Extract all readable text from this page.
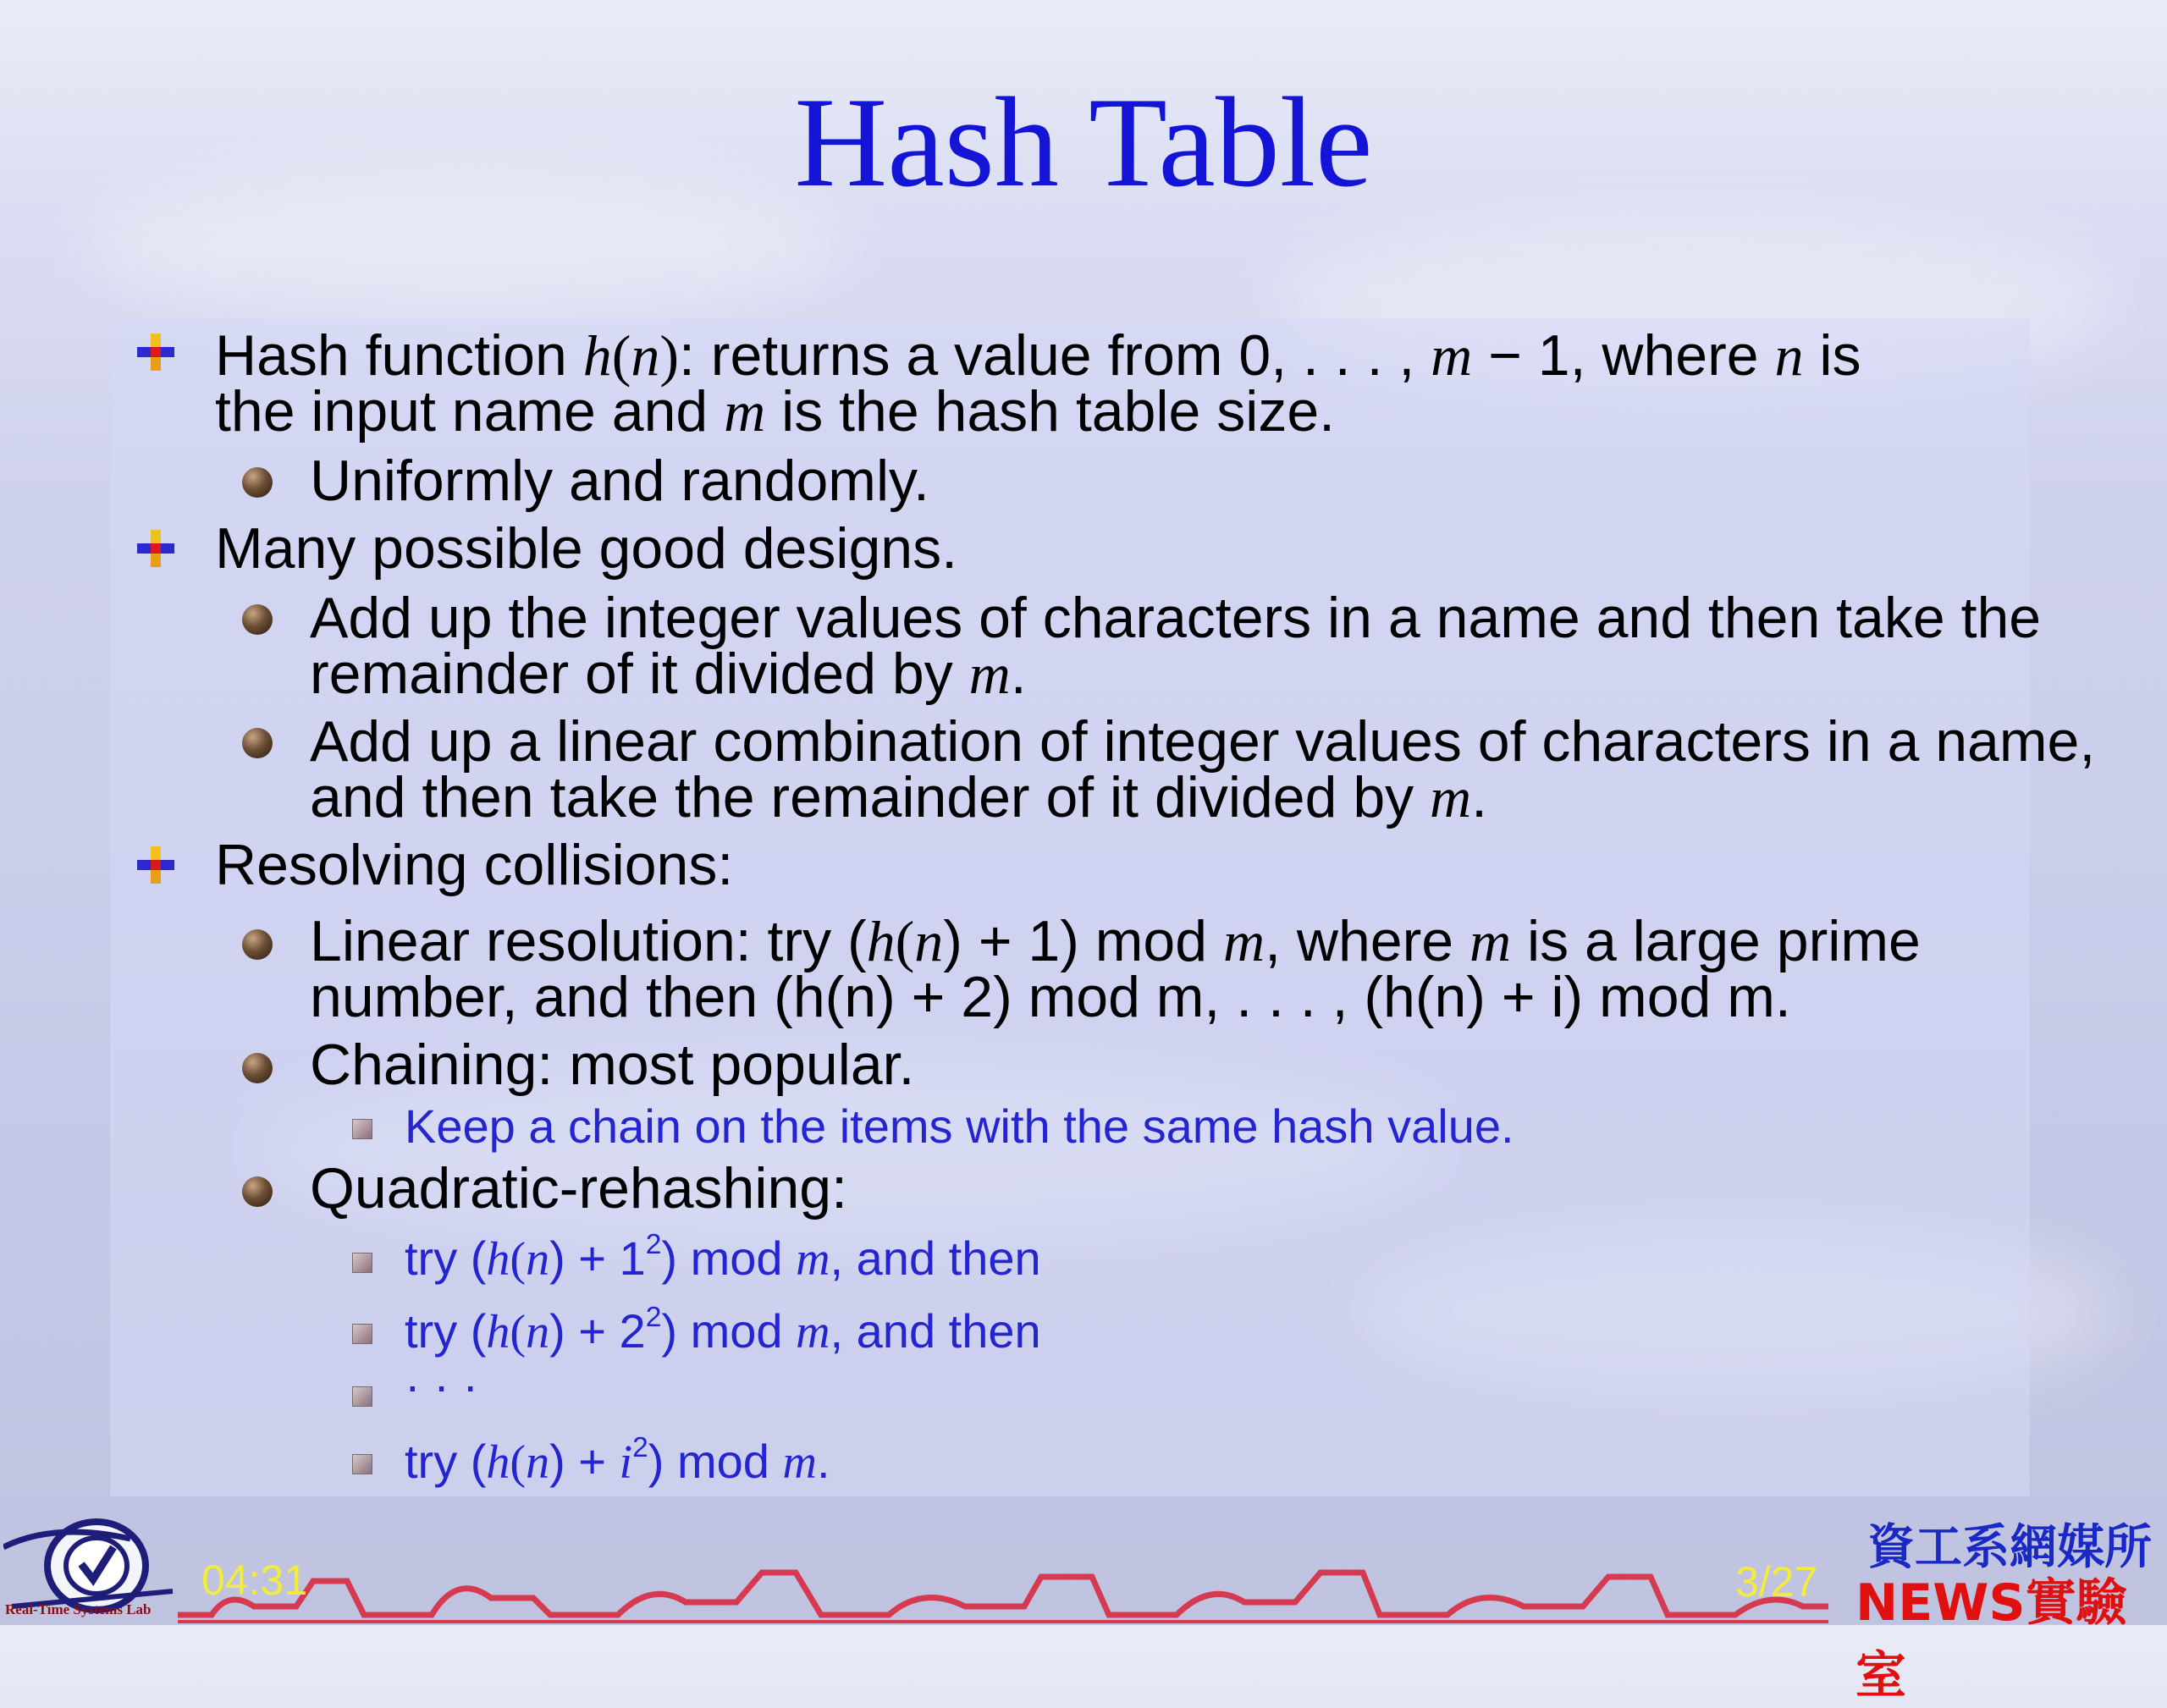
Hash Table
Hash function h(n): returns a value from 0, . . . , m − 1, where n is
the input name and m is the hash table size.
Uniformly and randomly.
Many possible good designs.
Add up the integer values of characters in a name and then take the
remainder of it divided by m.
Add up a linear combination of integer values of characters in a name,
and then take the remainder of it divided by m.
Resolving collisions:
Linear resolution: try (h(n) + 1) mod m, where m is a large prime
number, and then (h(n) + 2) mod m, . . . , (h(n) + i) mod m.
Chaining: most popular.
Keep a chain on the items with the same hash value.
Quadratic-rehashing:
try $(h(n) + 1^2)$ mod m, and then
try $(h(n) + 2^2)$ mod m, and then
· · ·
try $(h(n) + i^2)$ mod m.
Real-Time Systems Lab
04:31	3/27
資工系網媒所
NEWS實驗室
